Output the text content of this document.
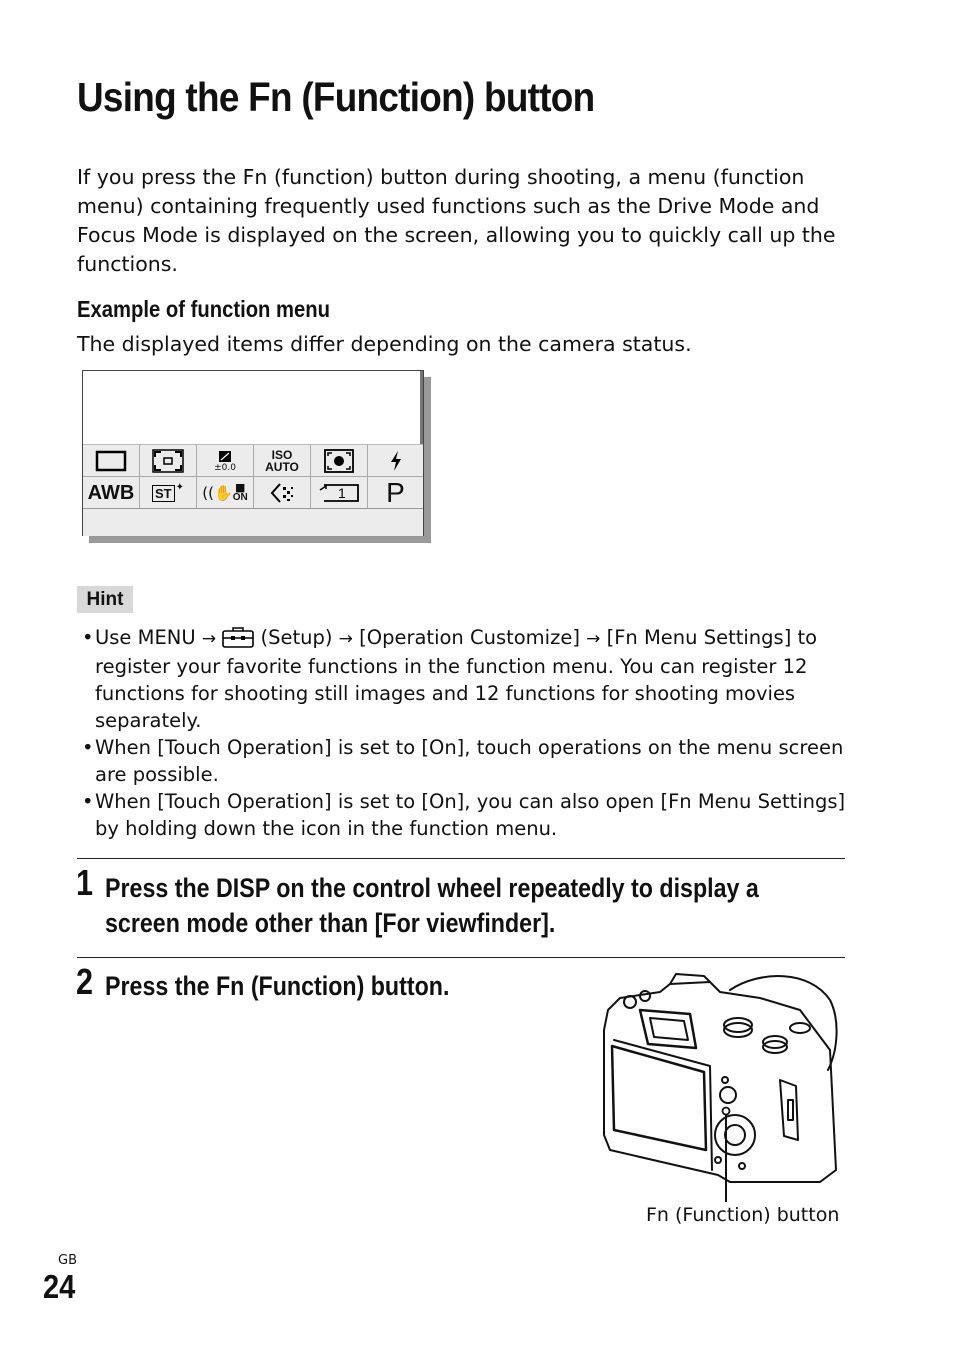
Using the Fn (Function) button
If you press the Fn (function) button during shooting, a menu (function menu) containing frequently used functions such as the Drive Mode and Focus Mode is displayed on the screen, allowing you to quickly call up the functions.
Example of function menu
The displayed items differ depending on the camera status.
±0.0
ISO
AUTO
AWB ST ✦ ((✋ ■
ON	1 P
Hint
• Use MENU →  (Setup) → [Operation Customize] → [Fn Menu Settings] to register your favorite functions in the function menu. You can register 12 functions for shooting still images and 12 functions for shooting movies separately.
• When [Touch Operation] is set to [On], touch operations on the menu screen are possible.
• When [Touch Operation] is set to [On], you can also open [Fn Menu Settings] by holding down the icon in the function menu.
1 Press the DISP on the control wheel repeatedly to display a
screen mode other than [For viewfinder].
2 Press the Fn (Function) button.
Fn (Function) button
GB
24
